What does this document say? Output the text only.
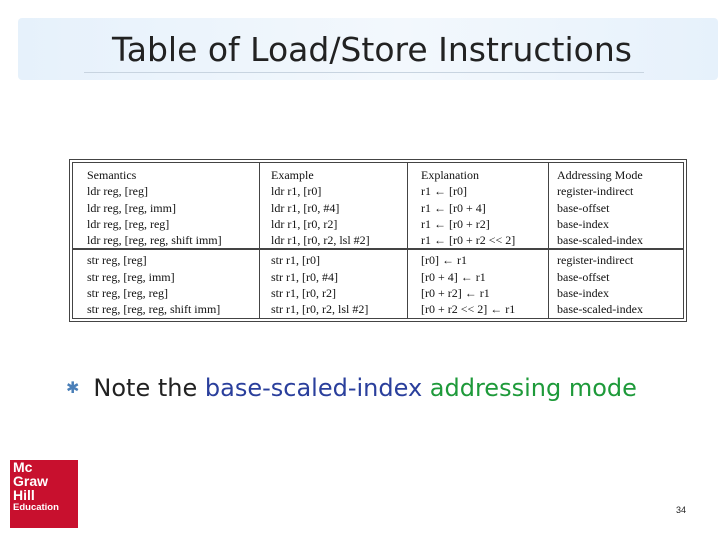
Table of Load/Store Instructions
Semantics	Example	Explanation	Addressing Mode
ldr reg, [reg]	ldr r1, [r0]	r1 ← [r0]	register-indirect
ldr reg, [reg, imm]	ldr r1, [r0, #4]	r1 ← [r0 + 4]	base-offset
ldr reg, [reg, reg]	ldr r1, [r0, r2]	r1 ← [r0 + r2]	base-index
ldr reg, [reg, reg, shift imm]	ldr r1, [r0, r2, lsl #2]	r1 ← [r0 + r2 << 2]	base-scaled-index
str reg, [reg]	str r1, [r0]	[r0] ← r1	register-indirect
str reg, [reg, imm]	str r1, [r0, #4]	[r0 + 4] ← r1	base-offset
str reg, [reg, reg]	str r1, [r0, r2]	[r0 + r2] ← r1	base-index
str reg, [reg, reg, shift imm]	str r1, [r0, r2, lsl #2]	[r0 + r2 << 2] ← r1	base-scaled-index
✱ Note the base-scaled-index addressing mode
Mc
Graw
Hill
Education	34
